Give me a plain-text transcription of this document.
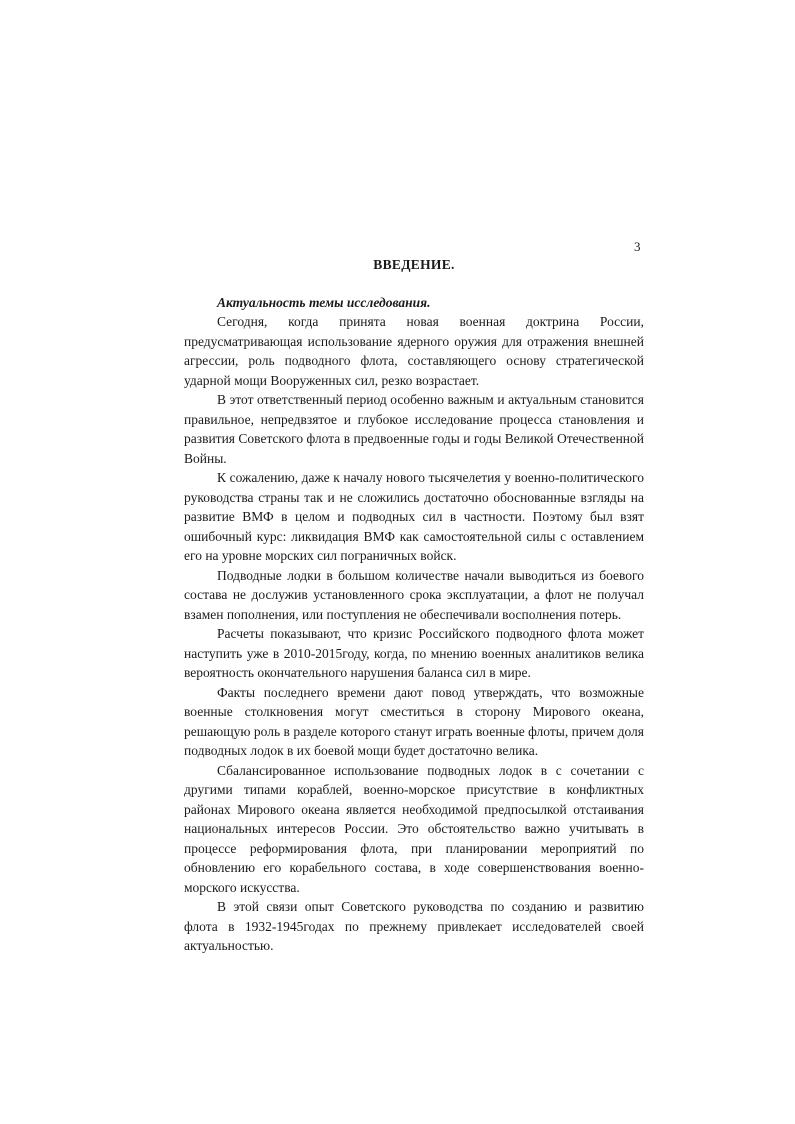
3
ВВЕДЕНИЕ.
Актуальность темы исследования.

Сегодня, когда принята новая военная доктрина России, предусматривающая использование ядерного оружия для отражения внешней агрессии, роль подводного флота, составляющего основу стратегической ударной мощи Вооруженных сил, резко возрастает.

В этот ответственный период особенно важным и актуальным становится правильное, непредвзятое и глубокое исследование процесса становления и развития Советского флота в предвоенные годы и годы Великой Отечественной Войны.

К сожалению, даже к началу нового тысячелетия у военно-политического руководства страны так и не сложились достаточно обоснованные взгляды на развитие ВМФ в целом и подводных сил в частности. Поэтому был взят ошибочный курс: ликвидация ВМФ как самостоятельной силы с оставлением его на уровне морских сил пограничных войск.

Подводные лодки в большом количестве начали выводиться из боевого состава не дослужив установленного срока эксплуатации, а флот не получал взамен пополнения, или поступления не обеспечивали восполнения потерь.

Расчеты показывают, что кризис Российского подводного флота может наступить уже в 2010-2015году, когда, по мнению военных аналитиков велика вероятность окончательного нарушения баланса сил в мире.

Факты последнего времени дают повод утверждать, что возможные военные столкновения могут сместиться в сторону Мирового океана, решающую роль в разделе которого станут играть военные флоты, причем доля подводных лодок в их боевой мощи будет достаточно велика.

Сбалансированное использование подводных лодок в с сочетании с другими типами кораблей, военно-морское присутствие в конфликтных районах Мирового океана является необходимой предпосылкой отстаивания национальных интересов России. Это обстоятельство важно учитывать в процессе реформирования флота, при планировании мероприятий по обновлению его корабельного состава, в ходе совершенствования военно-морского искусства.

В этой связи опыт Советского руководства по созданию и развитию флота в 1932-1945годах по прежнему привлекает исследователей своей актуальностью.
